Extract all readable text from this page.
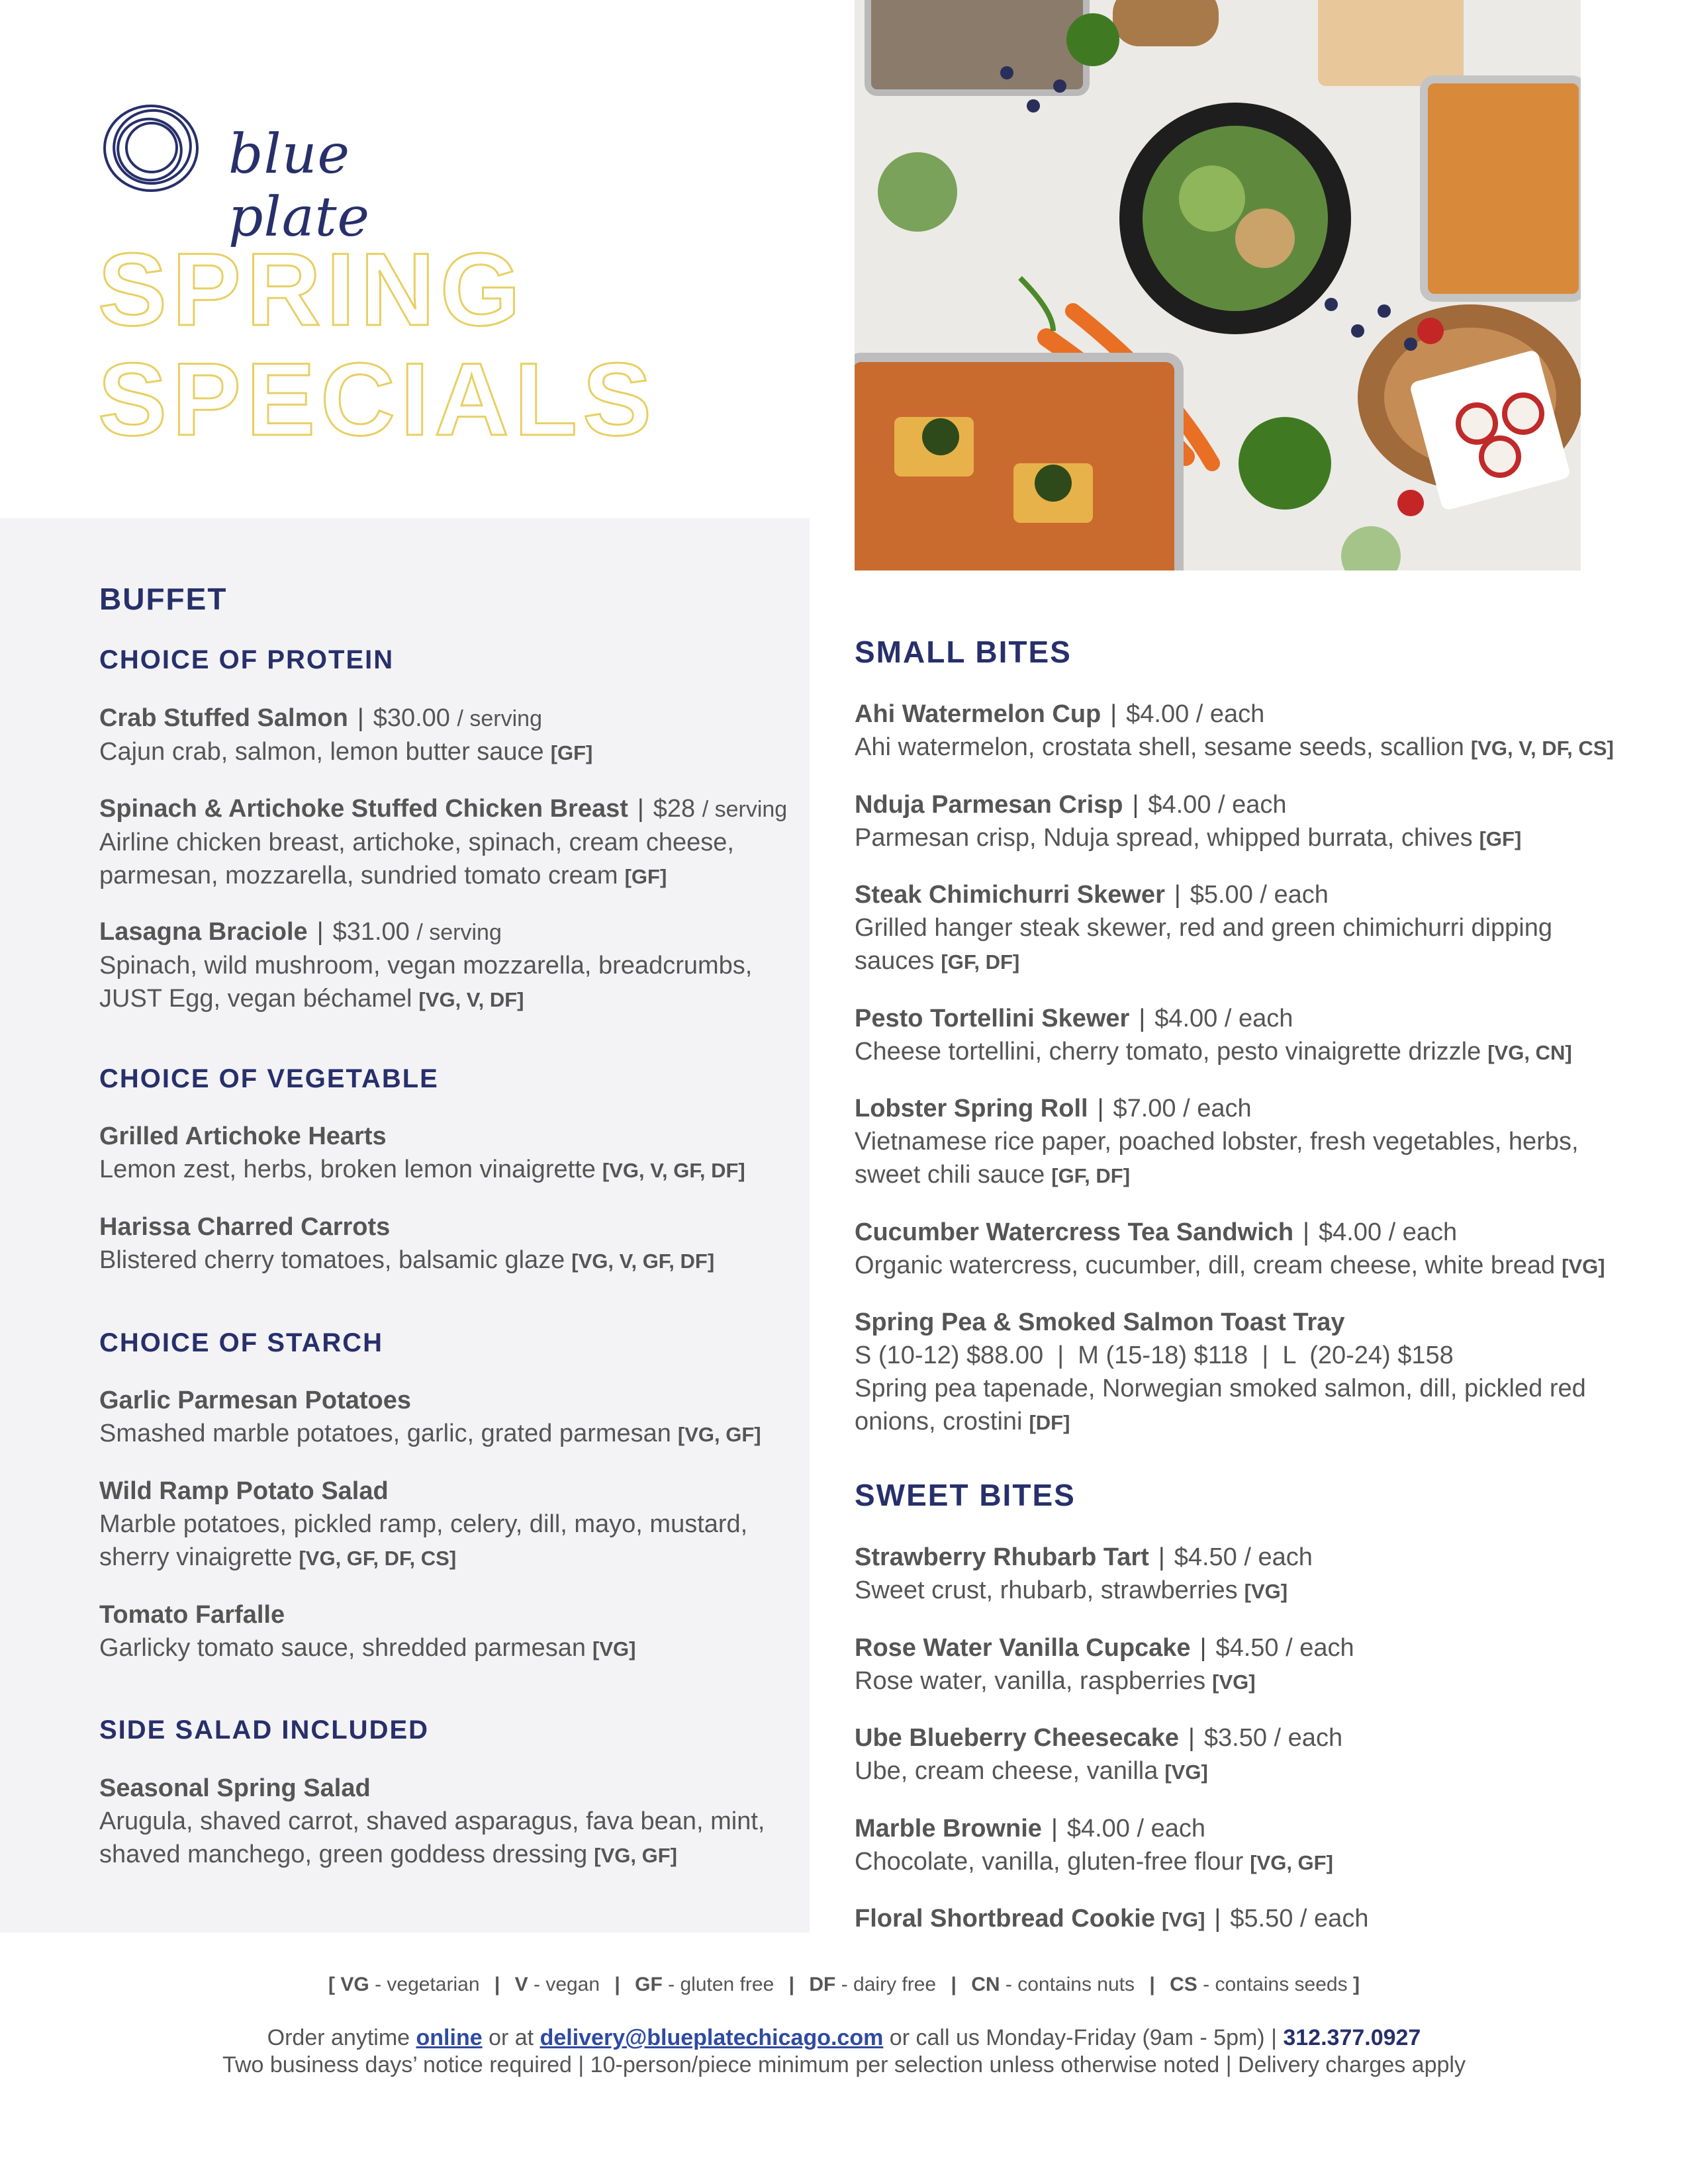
blue plate
SPRING
SPECIALS
BUFFET
CHOICE OF PROTEIN
Crab Stuffed Salmon | $30.00 / serving
Cajun crab, salmon, lemon butter sauce [GF]
Spinach & Artichoke Stuffed Chicken Breast | $28 / serving
Airline chicken breast, artichoke, spinach, cream cheese,
parmesan, mozzarella, sundried tomato cream [GF]
Lasagna Braciole | $31.00 / serving
Spinach, wild mushroom, vegan mozzarella, breadcrumbs,
JUST Egg, vegan béchamel [VG, V, DF]
CHOICE OF VEGETABLE
Grilled Artichoke Hearts
Lemon zest, herbs, broken lemon vinaigrette [VG, V, GF, DF]
Harissa Charred Carrots
Blistered cherry tomatoes, balsamic glaze [VG, V, GF, DF]
CHOICE OF STARCH
Garlic Parmesan Potatoes
Smashed marble potatoes, garlic, grated parmesan [VG, GF]
Wild Ramp Potato Salad
Marble potatoes, pickled ramp, celery, dill, mayo, mustard,
sherry vinaigrette [VG, GF, DF, CS]
Tomato Farfalle
Garlicky tomato sauce, shredded parmesan [VG]
SIDE SALAD INCLUDED
Seasonal Spring Salad
Arugula, shaved carrot, shaved asparagus, fava bean, mint,
shaved manchego, green goddess dressing [VG, GF]
SMALL BITES
Ahi Watermelon Cup | $4.00 / each
Ahi watermelon, crostata shell, sesame seeds, scallion [VG, V, DF, CS]
Nduja Parmesan Crisp | $4.00 / each
Parmesan crisp, Nduja spread, whipped burrata, chives [GF]
Steak Chimichurri Skewer | $5.00 / each
Grilled hanger steak skewer, red and green chimichurri dipping
sauces [GF, DF]
Pesto Tortellini Skewer | $4.00 / each
Cheese tortellini, cherry tomato, pesto vinaigrette drizzle [VG, CN]
Lobster Spring Roll | $7.00 / each
Vietnamese rice paper, poached lobster, fresh vegetables, herbs,
sweet chili sauce [GF, DF]
Cucumber Watercress Tea Sandwich | $4.00 / each
Organic watercress, cucumber, dill, cream cheese, white bread [VG]
Spring Pea & Smoked Salmon Toast Tray
S (10-12) $88.00  |  M (15-18) $118  |  L  (20-24) $158
Spring pea tapenade, Norwegian smoked salmon, dill, pickled red
onions, crostini [DF]
SWEET BITES
Strawberry Rhubarb Tart | $4.50 / each
Sweet crust, rhubarb, strawberries [VG]
Rose Water Vanilla Cupcake | $4.50 / each
Rose water, vanilla, raspberries [VG]
Ube Blueberry Cheesecake | $3.50 / each
Ube, cream cheese, vanilla [VG]
Marble Brownie | $4.00 / each
Chocolate, vanilla, gluten-free flour [VG, GF]
Floral Shortbread Cookie [VG] | $5.50 / each
[ VG - vegetarian | V - vegan | GF - gluten free | DF - dairy free | CN - contains nuts | CS - contains seeds ]
Order anytime online or at delivery@blueplatechicago.com or call us Monday-Friday (9am - 5pm) | 312.377.0927
Two business days’ notice required | 10-person/piece minimum per selection unless otherwise noted | Delivery charges apply
